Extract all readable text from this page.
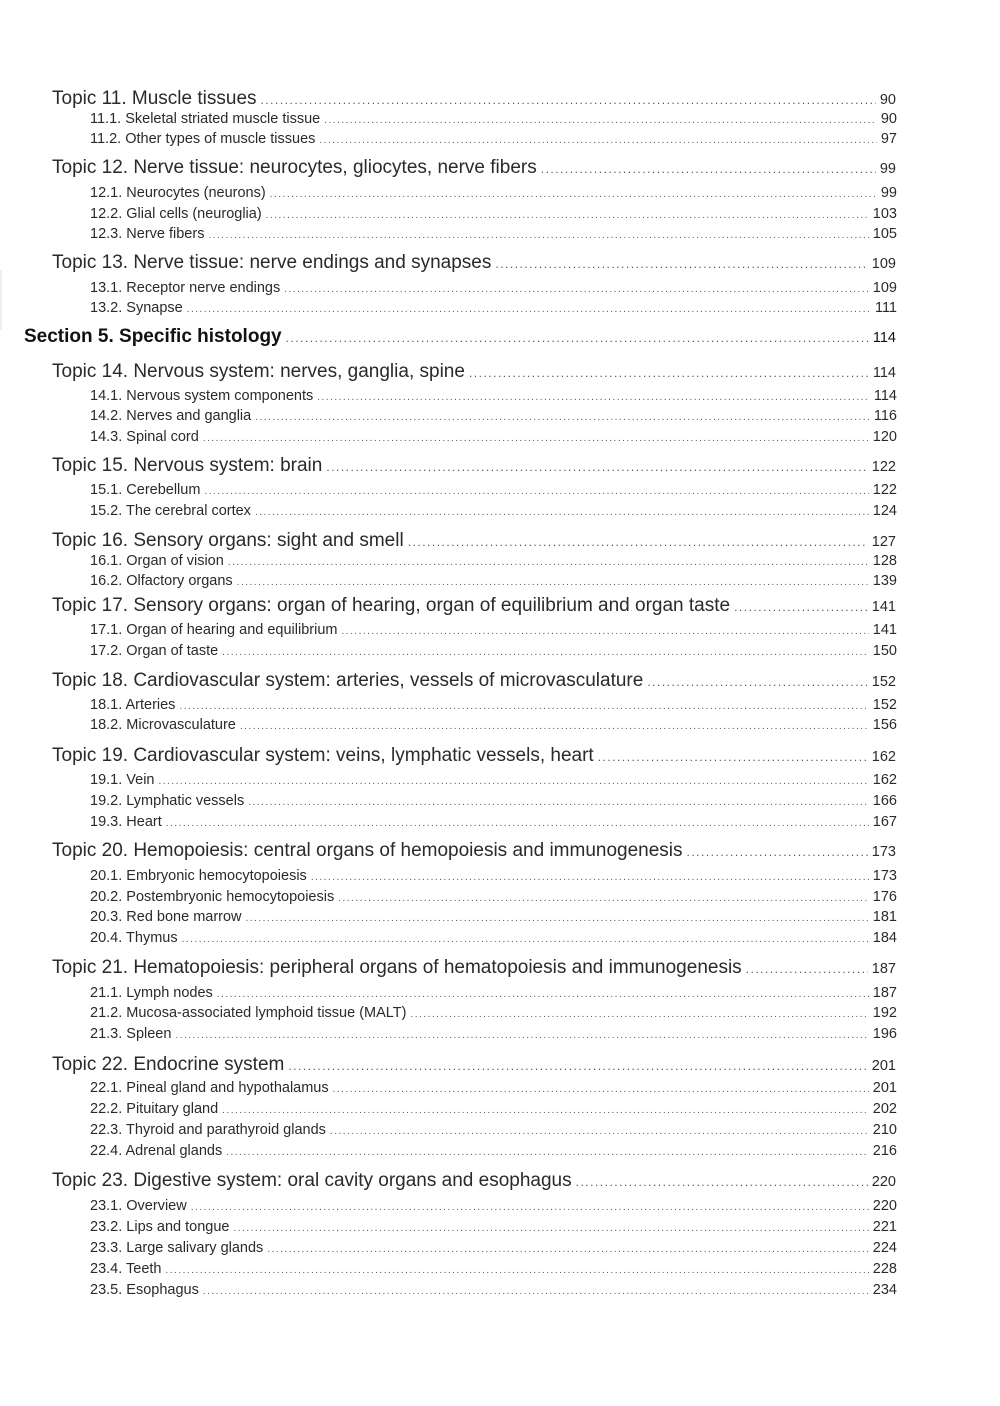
Topic 11. Muscle tissues .....	90
11.1. Skeletal striated muscle tissue .....	90
11.2. Other types of muscle tissues .....	97
Topic 12. Nerve tissue: neurocytes, gliocytes, nerve fibers .....	99
12.1. Neurocytes (neurons) .....	99
12.2. Glial cells (neuroglia) .....	103
12.3. Nerve fibers .....	105
Topic 13. Nerve tissue: nerve endings and synapses .....	109
13.1. Receptor nerve endings .....	109
13.2. Synapse .....	111
Section 5. Specific histology .....	114
Topic 14. Nervous system: nerves, ganglia, spine .....	114
14.1. Nervous system components .....	114
14.2. Nerves and ganglia .....	116
14.3. Spinal cord .....	120
Topic 15. Nervous system: brain .....	122
15.1. Cerebellum .....	122
15.2. The cerebral cortex .....	124
Topic 16. Sensory organs: sight and smell .....	127
16.1. Organ of vision .....	128
16.2. Olfactory organs .....	139
Topic 17. Sensory organs: organ of hearing, organ of equilibrium and organ taste .....	141
17.1. Organ of hearing and equilibrium .....	141
17.2. Organ of taste .....	150
Topic 18. Cardiovascular system: arteries, vessels of microvasculature .....	152
18.1. Arteries .....	152
18.2. Microvasculature .....	156
Topic 19. Cardiovascular system: veins, lymphatic vessels, heart .....	162
19.1. Vein .....	162
19.2. Lymphatic vessels .....	166
19.3. Heart .....	167
Topic 20. Hemopoiesis: central organs of hemopoiesis and immunogenesis .....	173
20.1. Embryonic hemocytopoiesis .....	173
20.2. Postembryonic hemocytopoiesis .....	176
20.3. Red bone marrow .....	181
20.4. Thymus .....	184
Topic 21. Hematopoiesis: peripheral organs of hematopoiesis and immunogenesis .....	187
21.1. Lymph nodes .....	187
21.2. Mucosa-associated lymphoid tissue (MALT) .....	192
21.3. Spleen .....	196
Topic 22. Endocrine system .....	201
22.1. Pineal gland and hypothalamus .....	201
22.2. Pituitary gland .....	202
22.3. Thyroid and parathyroid glands .....	210
22.4. Adrenal glands .....	216
Topic 23. Digestive system: oral cavity organs and esophagus .....	220
23.1. Overview .....	220
23.2. Lips and tongue .....	221
23.3. Large salivary glands .....	224
23.4. Teeth .....	228
23.5. Esophagus .....	234
